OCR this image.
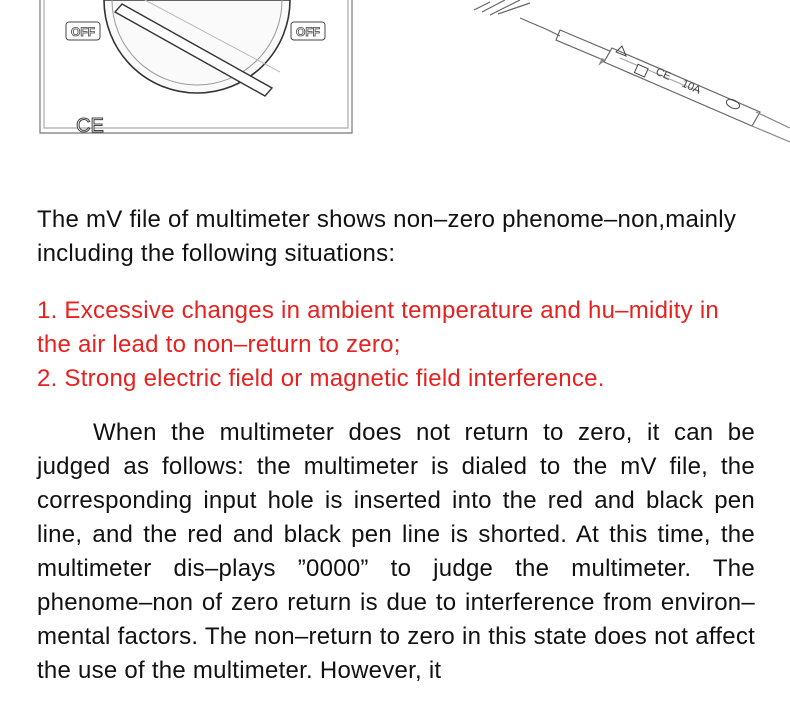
OFF	OFF
CE
CE
10A

The mV file of multimeter shows non–zero phenome–non,mainly including the following situations:

1. Excessive changes in ambient temperature and hu–midity in the air lead to non–return to zero;
2. Strong electric field or magnetic field interference.

When the multimeter does not return to zero, it can be judged as follows: the multimeter is dialed to the mV file, the corresponding input hole is inserted into the red and black pen line, and the red and black pen line is shorted. At this time, the multimeter dis–plays ”0000” to judge the multimeter. The phenome–non of zero return is due to interference from environ–mental factors. The non–return to zero in this state does not affect the use of the multimeter. However, it
